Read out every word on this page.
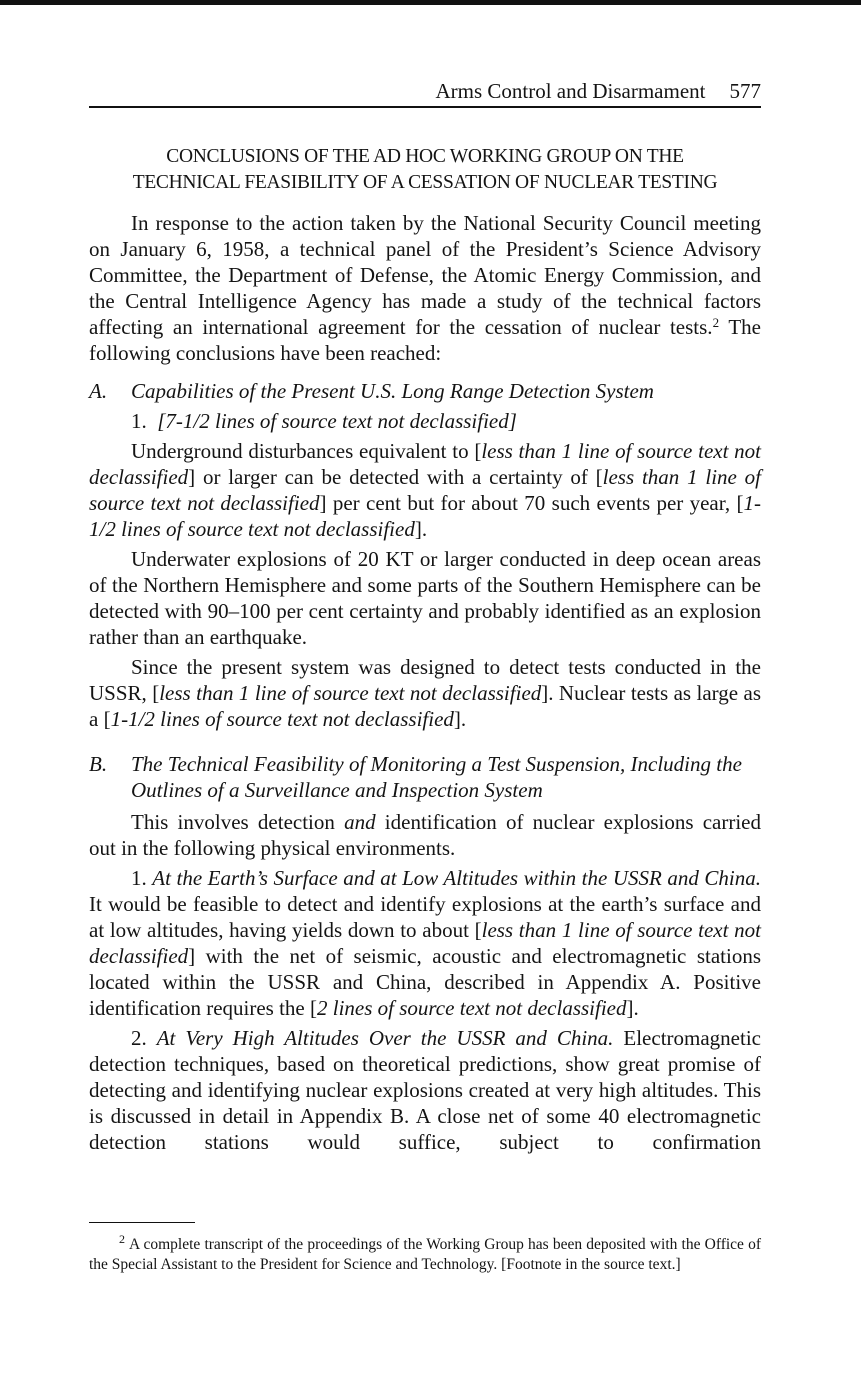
Arms Control and Disarmament 577
CONCLUSIONS OF THE AD HOC WORKING GROUP ON THE
TECHNICAL FEASIBILITY OF A CESSATION OF NUCLEAR TESTING

In response to the action taken by the National Security Council meeting on January 6, 1958, a technical panel of the President’s Science Advisory Committee, the Department of Defense, the Atomic Energy Commission, and the Central Intelligence Agency has made a study of the technical factors affecting an international agreement for the cessation of nuclear tests.$^2$ The following conclusions have been reached:

A.	Capabilities of the Present U.S. Long Range Detection System

1. [7-1/2 lines of source text not declassified]

Underground disturbances equivalent to [less than 1 line of source text not declassified] or larger can be detected with a certainty of [less than 1 line of source text not declassified] per cent but for about 70 such events per year, [1-1/2 lines of source text not declassified].

Underwater explosions of 20 KT or larger conducted in deep ocean areas of the Northern Hemisphere and some parts of the Southern Hemisphere can be detected with 90–100 per cent certainty and probably identified as an explosion rather than an earthquake.

Since the present system was designed to detect tests conducted in the USSR, [less than 1 line of source text not declassified]. Nuclear tests as large as a [1-1/2 lines of source text not declassified].

B.	The Technical Feasibility of Monitoring a Test Suspension, Including the Outlines of a Surveillance and Inspection System

This involves detection and identification of nuclear explosions carried out in the following physical environments.

1. At the Earth’s Surface and at Low Altitudes within the USSR and China. It would be feasible to detect and identify explosions at the earth’s surface and at low altitudes, having yields down to about [less than 1 line of source text not declassified] with the net of seismic, acoustic and electromagnetic stations located within the USSR and China, described in Appendix A. Positive identification requires the [2 lines of source text not declassified].

2. At Very High Altitudes Over the USSR and China. Electromagnetic detection techniques, based on theoretical predictions, show great promise of detecting and identifying nuclear explosions created at very high altitudes. This is discussed in detail in Appendix B. A close net of some 40 electromagnetic detection stations would suffice, subject to confirmation

$^2$ A complete transcript of the proceedings of the Working Group has been deposited with the Office of the Special Assistant to the President for Science and Technology. [Footnote in the source text.]
